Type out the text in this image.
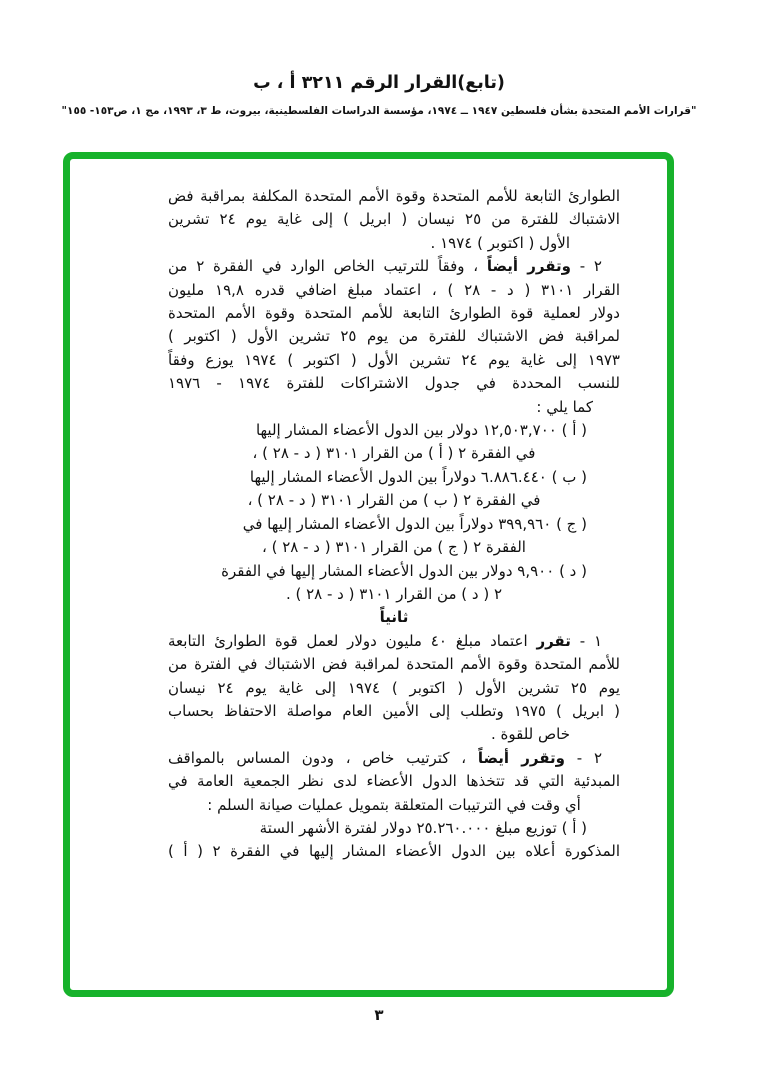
(تابع)القرار الرقم ٣٢١١ أ ، ب
"قرارات الأمم المتحدة بشأن فلسطين ١٩٤٧ ــ ١٩٧٤، مؤسسة الدراسات الفلسطينية، بيروت، ط ٣، ١٩٩٣، مج ١، ص١٥٣- ١٥٥"
الطوارئ التابعة للأمم المتحدة وقوة الأمم المتحدة المكلفة بمراقبة فض
الاشتباك للفترة من ٢٥ نيسان ( ابريل ) إلى غاية يوم ٢٤ تشرين
الأول ( اكتوبر ) ١٩٧٤ .
٢ - وتقرر أيضاً ، وفقاً للترتيب الخاص الوارد في الفقرة ٢ من
القرار ٣١٠١ ( د - ٢٨ ) ، اعتماد مبلغ اضافي قدره ١٩,٨ مليون
دولار لعملية قوة الطوارئ التابعة للأمم المتحدة وقوة الأمم المتحدة
لمراقبة فض الاشتباك للفترة من يوم ٢٥ تشرين الأول ( اكتوبر )
١٩٧٣ إلى غاية يوم ٢٤ تشرين الأول ( اكتوبر ) ١٩٧٤ يوزع وفقاً
للنسب المحددة في جدول الاشتراكات للفترة ١٩٧٤ - ١٩٧٦
كما يلي :
( أ ) ١٢,٥٠٣,٧٠٠ دولار بين الدول الأعضاء المشار إليها
في الفقرة ٢ ( أ ) من القرار ٣١٠١ ( د - ٢٨ ) ،
( ب ) ٦.٨٨٦.٤٤٠ دولاراً بين الدول الأعضاء المشار إليها
في الفقرة ٢ ( ب ) من القرار ٣١٠١ ( د - ٢٨ ) ،
( ج ) ٣٩٩,٩٦٠ دولاراً بين الدول الأعضاء المشار إليها في
الفقرة ٢ ( ج ) من القرار ٣١٠١ ( د - ٢٨ ) ،
( د ) ٩,٩٠٠ دولار بين الدول الأعضاء المشار إليها في الفقرة
٢ ( د ) من القرار ٣١٠١ ( د - ٢٨ ) .
ثانياً
١ - تقرر اعتماد مبلغ ٤٠ مليون دولار لعمل قوة الطوارئ التابعة
للأمم المتحدة وقوة الأمم المتحدة لمراقبة فض الاشتباك في الفترة من
يوم ٢٥ تشرين الأول ( اكتوبر ) ١٩٧٤ إلى غاية يوم ٢٤ نيسان
( ابريل ) ١٩٧٥ وتطلب إلى الأمين العام مواصلة الاحتفاظ بحساب
خاص للقوة .
٢ - وتقرر أيضاً ، كترتيب خاص ، ودون المساس بالمواقف
المبدئية التي قد تتخذها الدول الأعضاء لدى نظر الجمعية العامة في
أي وقت في الترتيبات المتعلقة بتمويل عمليات صيانة السلم :
( أ ) توزيع مبلغ ٢٥.٢٦٠.٠٠٠ دولار لفترة الأشهر الستة
المذكورة أعلاه بين الدول الأعضاء المشار إليها في الفقرة ٢ ( أ )
٣
